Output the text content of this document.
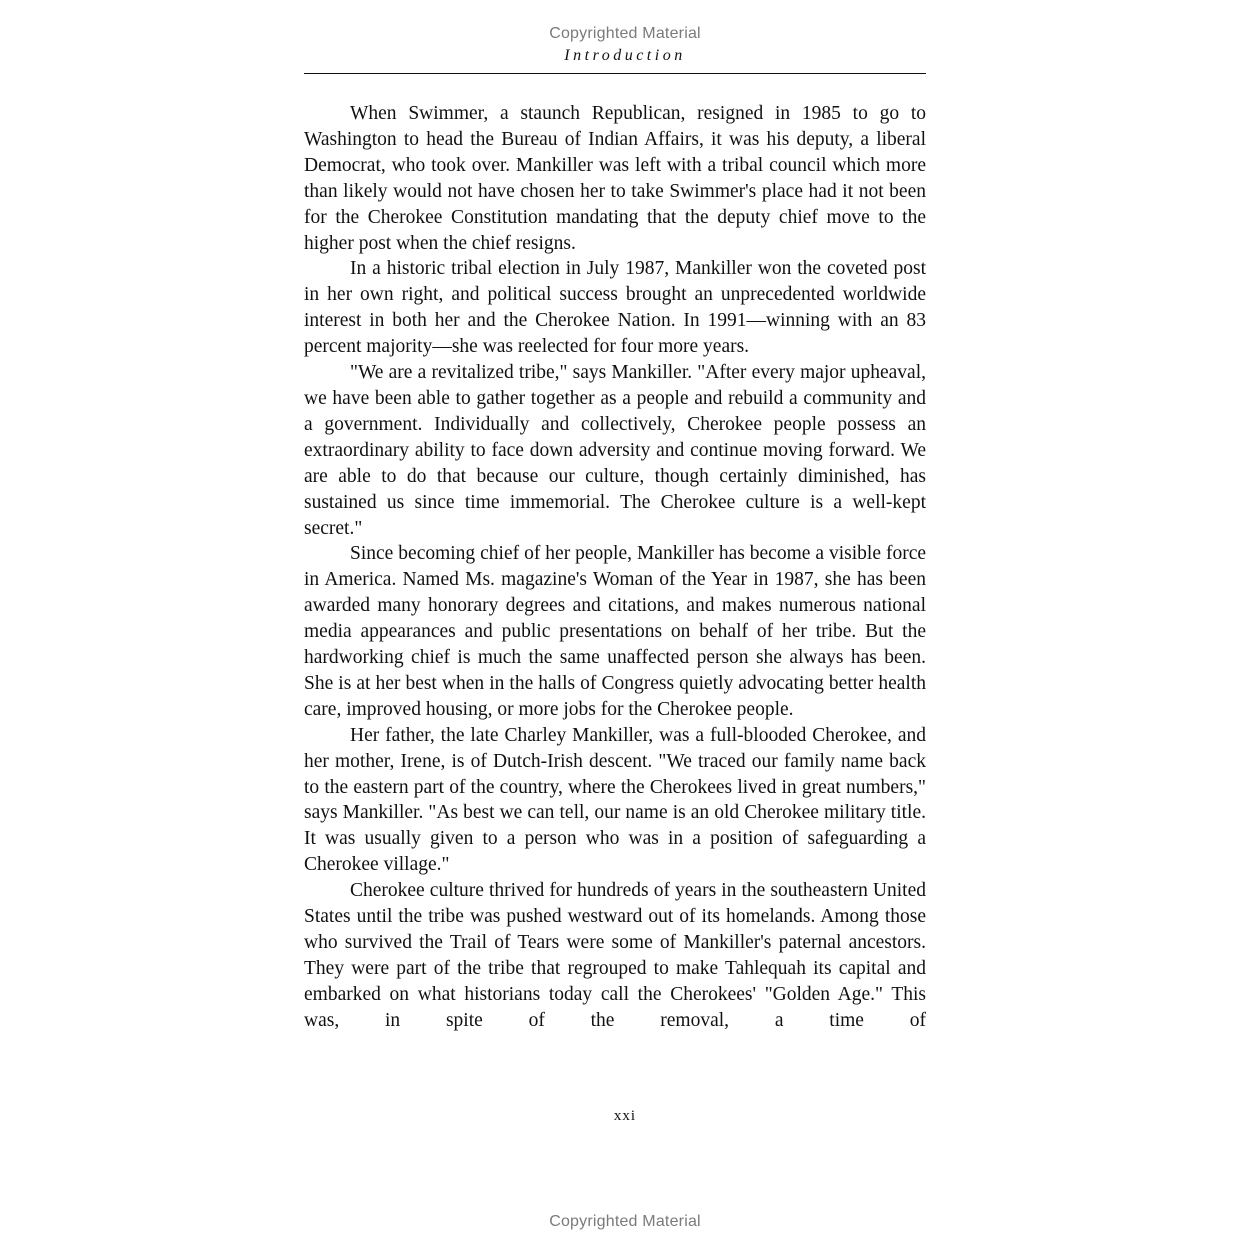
Copyrighted Material
Introduction

When Swimmer, a staunch Republican, resigned in 1985 to go to Washington to head the Bureau of Indian Affairs, it was his deputy, a liberal Democrat, who took over. Mankiller was left with a tribal council which more than likely would not have chosen her to take Swimmer's place had it not been for the Cherokee Constitution mandating that the deputy chief move to the higher post when the chief resigns.

In a historic tribal election in July 1987, Mankiller won the coveted post in her own right, and political success brought an unprecedented worldwide interest in both her and the Cherokee Nation. In 1991—winning with an 83 percent majority—she was reelected for four more years.

"We are a revitalized tribe," says Mankiller. "After every major upheaval, we have been able to gather together as a people and rebuild a community and a government. Individually and collectively, Cherokee people possess an extraordinary ability to face down adversity and continue moving forward. We are able to do that because our culture, though certainly diminished, has sustained us since time immemorial. The Cherokee culture is a well-kept secret."

Since becoming chief of her people, Mankiller has become a visible force in America. Named Ms. magazine's Woman of the Year in 1987, she has been awarded many honorary degrees and citations, and makes numerous national media appearances and public presentations on behalf of her tribe. But the hardworking chief is much the same unaffected person she always has been. She is at her best when in the halls of Congress quietly advocating better health care, improved housing, or more jobs for the Cherokee people.

Her father, the late Charley Mankiller, was a full-blooded Cherokee, and her mother, Irene, is of Dutch-Irish descent. "We traced our family name back to the eastern part of the country, where the Cherokees lived in great numbers," says Mankiller. "As best we can tell, our name is an old Cherokee military title. It was usually given to a person who was in a position of safeguarding a Cherokee village."

Cherokee culture thrived for hundreds of years in the southeastern United States until the tribe was pushed westward out of its homelands. Among those who survived the Trail of Tears were some of Mankiller's paternal ancestors. They were part of the tribe that regrouped to make Tahlequah its capital and embarked on what historians today call the Cherokees' "Golden Age." This was, in spite of the removal, a time of

xxi
Copyrighted Material
